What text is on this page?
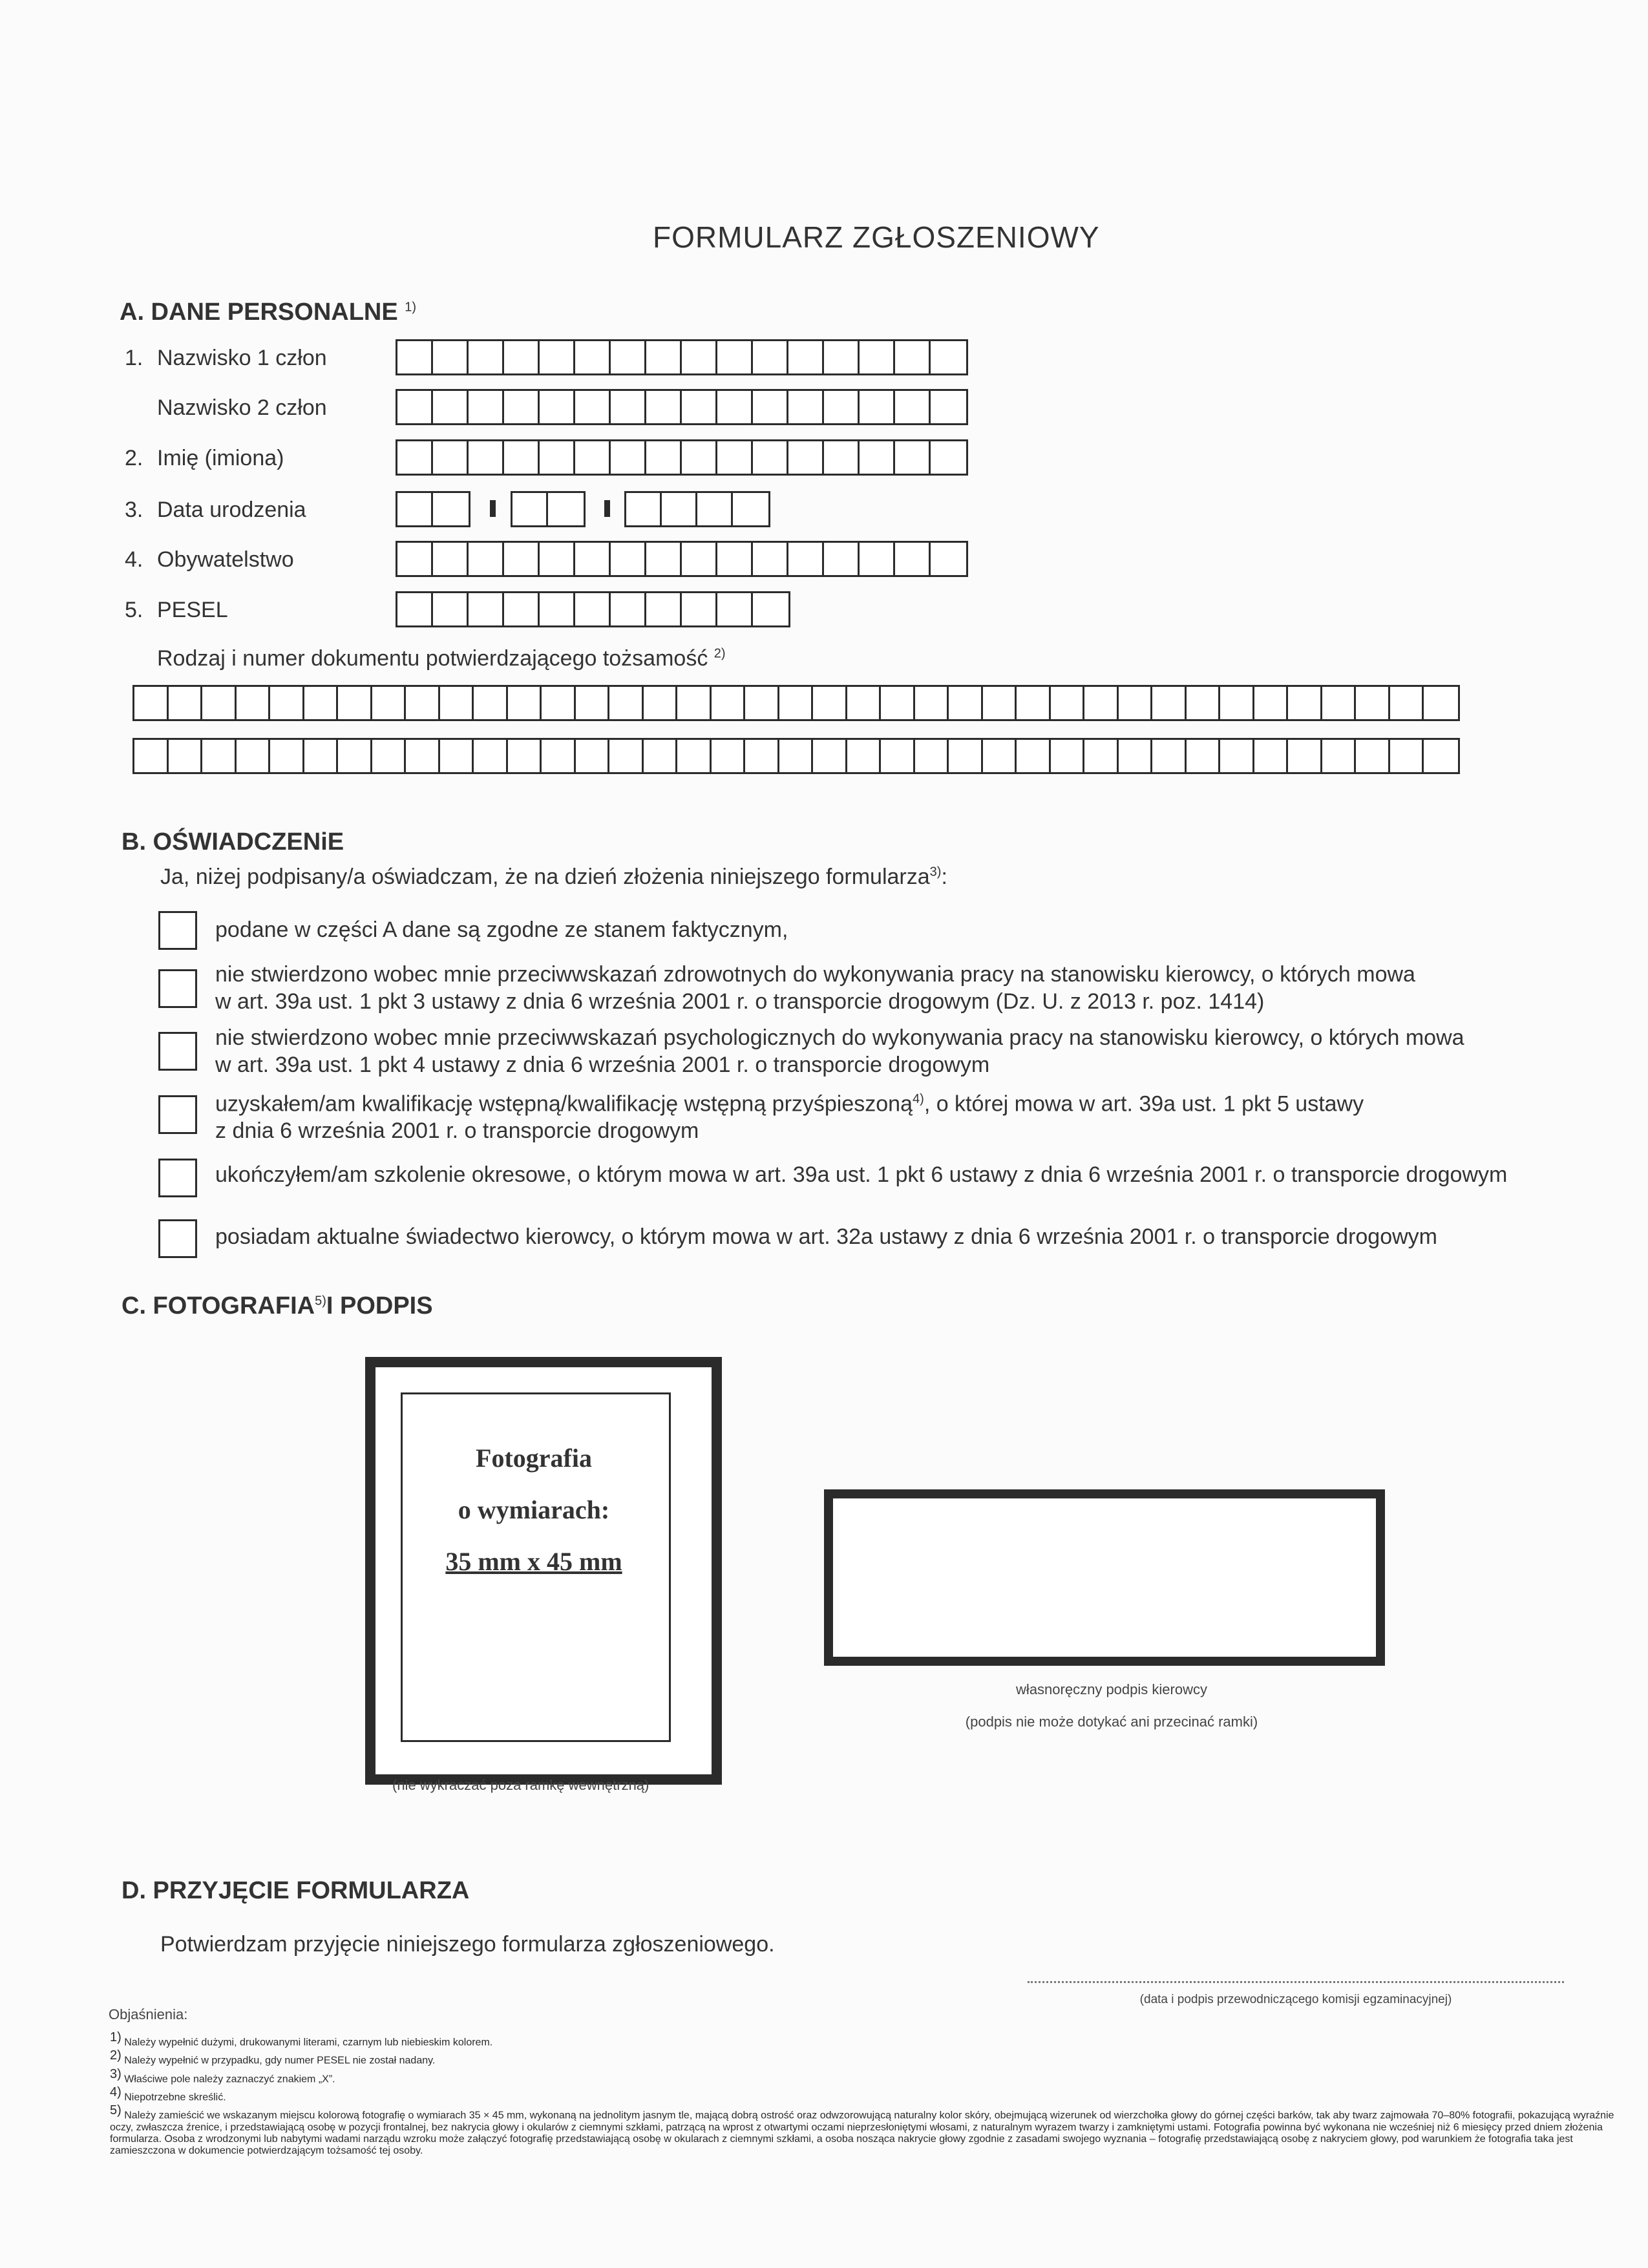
FORMULARZ ZGŁOSZENIOWY
A. DANE PERSONALNE $^{1)}$
1. Nazwisko 1 człon
Nazwisko 2 człon
2. Imię (imiona)
3. Data urodzenia
4. Obywatelstwo
5. PESEL
Rodzaj i numer dokumentu potwierdzającego tożsamość $^{2)}$
B. OŚWIADCZENiE
Ja, niżej podpisany/a oświadczam, że na dzień złożenia niniejszego formularza$^{3)}$:
podane w części A dane są zgodne ze stanem faktycznym,
nie stwierdzono wobec mnie przeciwwskazań zdrowotnych do wykonywania pracy na stanowisku kierowcy, o których mowa
w art. 39a ust. 1 pkt 3 ustawy z dnia 6 września 2001 r. o transporcie drogowym (Dz. U. z 2013 r. poz. 1414)
nie stwierdzono wobec mnie przeciwwskazań psychologicznych do wykonywania pracy na stanowisku kierowcy, o których mowa
w art. 39a ust. 1 pkt 4 ustawy z dnia 6 września 2001 r. o transporcie drogowym
uzyskałem/am kwalifikację wstępną/kwalifikację wstępną przyśpieszoną$^{4)}$, o której mowa w art. 39a ust. 1 pkt 5 ustawy
z dnia 6 września 2001 r. o transporcie drogowym
ukończyłem/am szkolenie okresowe, o którym mowa w art. 39a ust. 1 pkt 6 ustawy z dnia 6 września 2001 r. o transporcie drogowym
posiadam aktualne świadectwo kierowcy, o którym mowa w art. 32a ustawy z dnia 6 września 2001 r. o transporcie drogowym
C. FOTOGRAFIA$^{5)}$I PODPIS
Fotografia
o wymiarach:
35 mm x 45 mm
(nie wykraczać poza ramkę wewnętrzną)
własnoręczny podpis kierowcy
(podpis nie może dotykać ani przecinać ramki)
D. PRZYJĘCIE FORMULARZA
Potwierdzam przyjęcie niniejszego formularza zgłoszeniowego.
(data i podpis przewodniczącego komisji egzaminacyjnej)
Objaśnienia:
1) Należy wypełnić dużymi, drukowanymi literami, czarnym lub niebieskim kolorem.
2) Należy wypełnić w przypadku, gdy numer PESEL nie został nadany.
3) Właściwe pole należy zaznaczyć znakiem „X”.
4) Niepotrzebne skreślić.
5) Należy zamieścić we wskazanym miejscu kolorową fotografię o wymiarach 35 × 45 mm, wykonaną na jednolitym jasnym tle, mającą dobrą ostrość oraz odwzorowującą naturalny kolor skóry, obejmującą wizerunek od wierzchołka głowy do górnej części barków, tak aby twarz zajmowała 70–80% fotografii, pokazującą wyraźnie oczy, zwłaszcza źrenice, i przedstawiającą osobę w pozycji frontalnej, bez nakrycia głowy i okularów z ciemnymi szkłami, patrzącą na wprost z otwartymi oczami nieprzesłoniętymi włosami, z naturalnym wyrazem twarzy i zamkniętymi ustami. Fotografia powinna być wykonana nie wcześniej niż 6 miesięcy przed dniem złożenia formularza. Osoba z wrodzonymi lub nabytymi wadami narządu wzroku może załączyć fotografię przedstawiającą osobę w okularach z ciemnymi szkłami, a osoba nosząca nakrycie głowy zgodnie z zasadami swojego wyznania – fotografię przedstawiającą osobę z nakryciem głowy, pod warunkiem że fotografia taka jest zamieszczona w dokumencie potwierdzającym tożsamość tej osoby.
